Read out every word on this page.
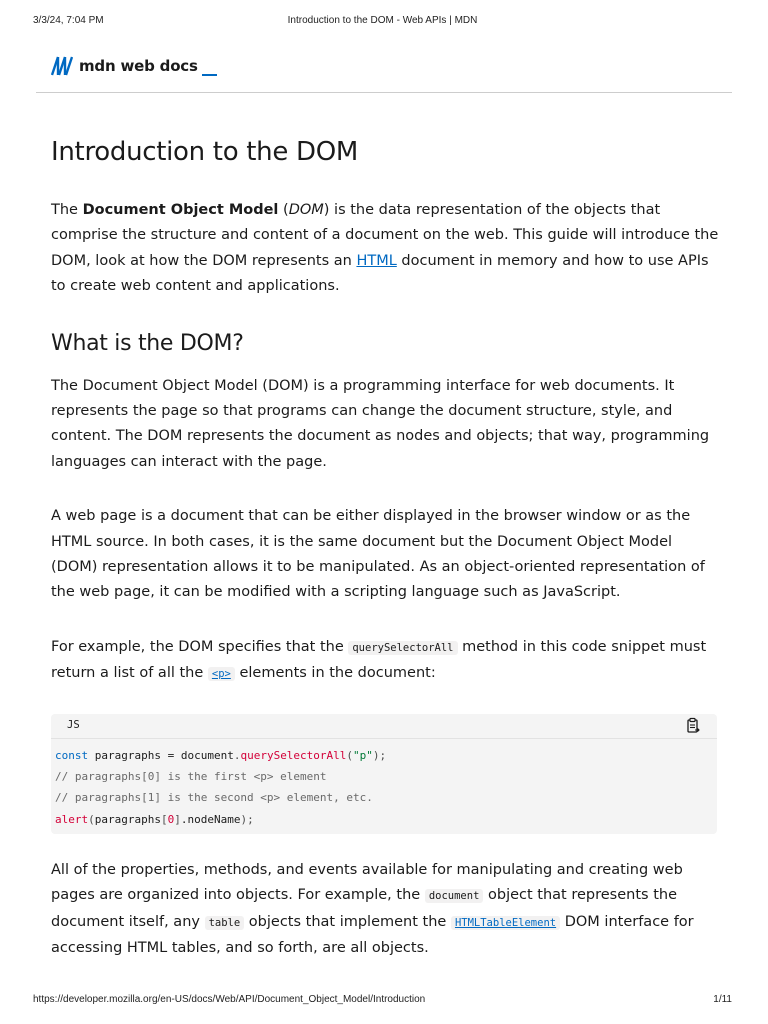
3/3/24, 7:04 PM	Introduction to the DOM - Web APIs | MDN
mdn web docs
Introduction to the DOM

The Document Object Model (DOM) is the data representation of the objects that comprise the structure and content of a document on the web. This guide will introduce the DOM, look at how the DOM represents an HTML document in memory and how to use APIs to create web content and applications.

What is the DOM?

The Document Object Model (DOM) is a programming interface for web documents. It represents the page so that programs can change the document structure, style, and content. The DOM represents the document as nodes and objects; that way, programming languages can interact with the page.

A web page is a document that can be either displayed in the browser window or as the HTML source. In both cases, it is the same document but the Document Object Model (DOM) representation allows it to be manipulated. As an object-oriented representation of the web page, it can be modified with a scripting language such as JavaScript.

For example, the DOM specifies that the querySelectorAll method in this code snippet must return a list of all the <p> elements in the document:

JS
const paragraphs = document.querySelectorAll("p");
// paragraphs[0] is the first <p> element
// paragraphs[1] is the second <p> element, etc.
alert(paragraphs[0].nodeName);

All of the properties, methods, and events available for manipulating and creating web pages are organized into objects. For example, the document object that represents the document itself, any table objects that implement the HTMLTableElement DOM interface for accessing HTML tables, and so forth, are all objects.

https://developer.mozilla.org/en-US/docs/Web/API/Document_Object_Model/Introduction	1/11
